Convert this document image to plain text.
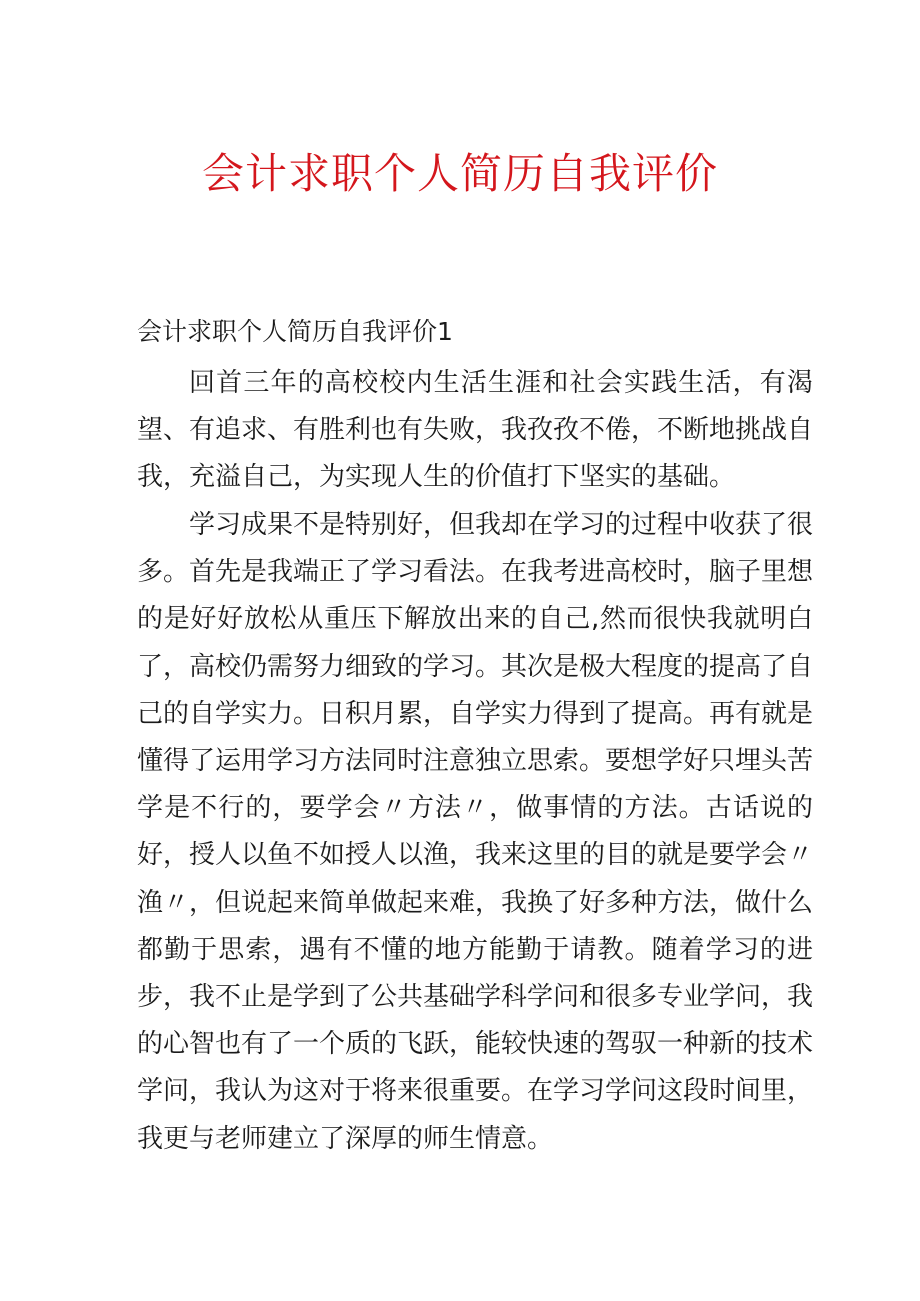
会计求职个人简历自我评价
会计求职个人简历自我评价1

回首三年的高校校内生活生涯和社会实践生活，有渴望、有追求、有胜利也有失败，我孜孜不倦，不断地挑战自我，充溢自己，为实现人生的价值打下坚实的基础。

学习成果不是特别好，但我却在学习的过程中收获了很多。首先是我端正了学习看法。在我考进高校时，脑子里想的是好好放松从重压下解放出来的自己,然而很快我就明白了，高校仍需努力细致的学习。其次是极大程度的提高了自己的自学实力。日积月累，自学实力得到了提高。再有就是懂得了运用学习方法同时注意独立思索。要想学好只埋头苦学是不行的，要学会〃方法〃，做事情的方法。古话说的好，授人以鱼不如授人以渔，我来这里的目的就是要学会〃渔〃，但说起来简单做起来难，我换了好多种方法，做什么都勤于思索，遇有不懂的地方能勤于请教。随着学习的进步，我不止是学到了公共基础学科学问和很多专业学问，我的心智也有了一个质的飞跃，能较快速的驾驭一种新的技术学问，我认为这对于将来很重要。在学习学问这段时间里，我更与老师建立了深厚的师生情意。
